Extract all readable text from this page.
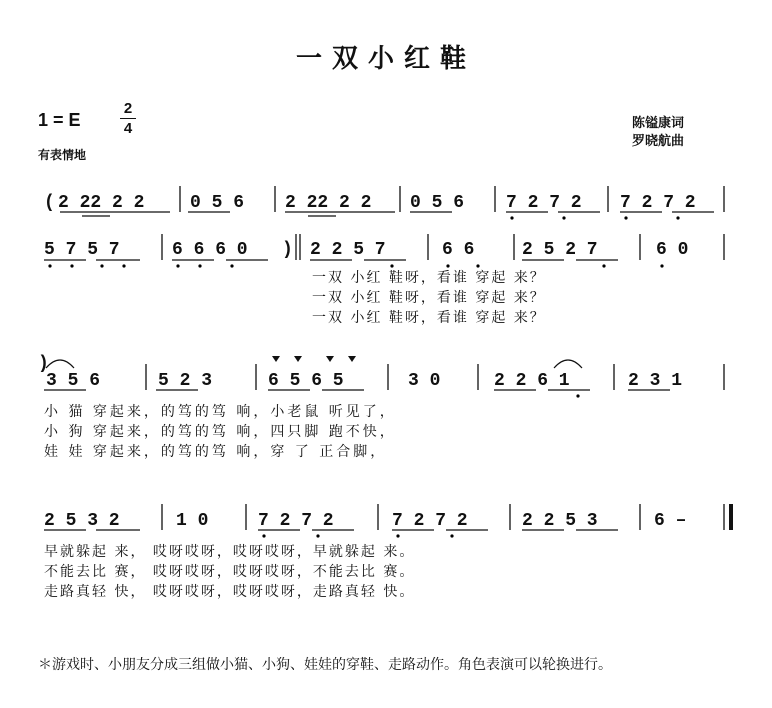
一双小红鞋
1 = E
2
4	陈镒康词
罗晓航曲
有表情地
( 2 22 2 2	0 5 6 2 22 2 2 0 5 6 7 2 7 2 7 2 7 2
5 7 5 7	6 6 6 0 ) 2 2 5 7	6 6	2 5 2 7	6 0
)
3 5 6	5 2 3	6 5 6 5	3 0	2 2 6 1	2 3 1
2 5 3 2	1 0	7 2 7 2	7 2 7 2	2 2 5 3	6 –
一双 小红 鞋呀，看谁 穿起 来？
一双 小红 鞋呀，看谁 穿起 来？
一双 小红 鞋呀，看谁 穿起 来？
小 猫 穿起来，的笃的笃 响，小老鼠 听见了，
小 狗 穿起来，的笃的笃 响，四只脚 跑不快，
娃 娃 穿起来，的笃的笃 响，穿 了 正合脚，
早就躲起 来， 哎呀哎呀，哎呀哎呀，早就躲起 来。
不能去比 赛， 哎呀哎呀，哎呀哎呀，不能去比 赛。
走路真轻 快， 哎呀哎呀，哎呀哎呀，走路真轻 快。
＊游戏时、小朋友分成三组做小猫、小狗、娃娃的穿鞋、走路动作。角色表演可以轮换进行。
